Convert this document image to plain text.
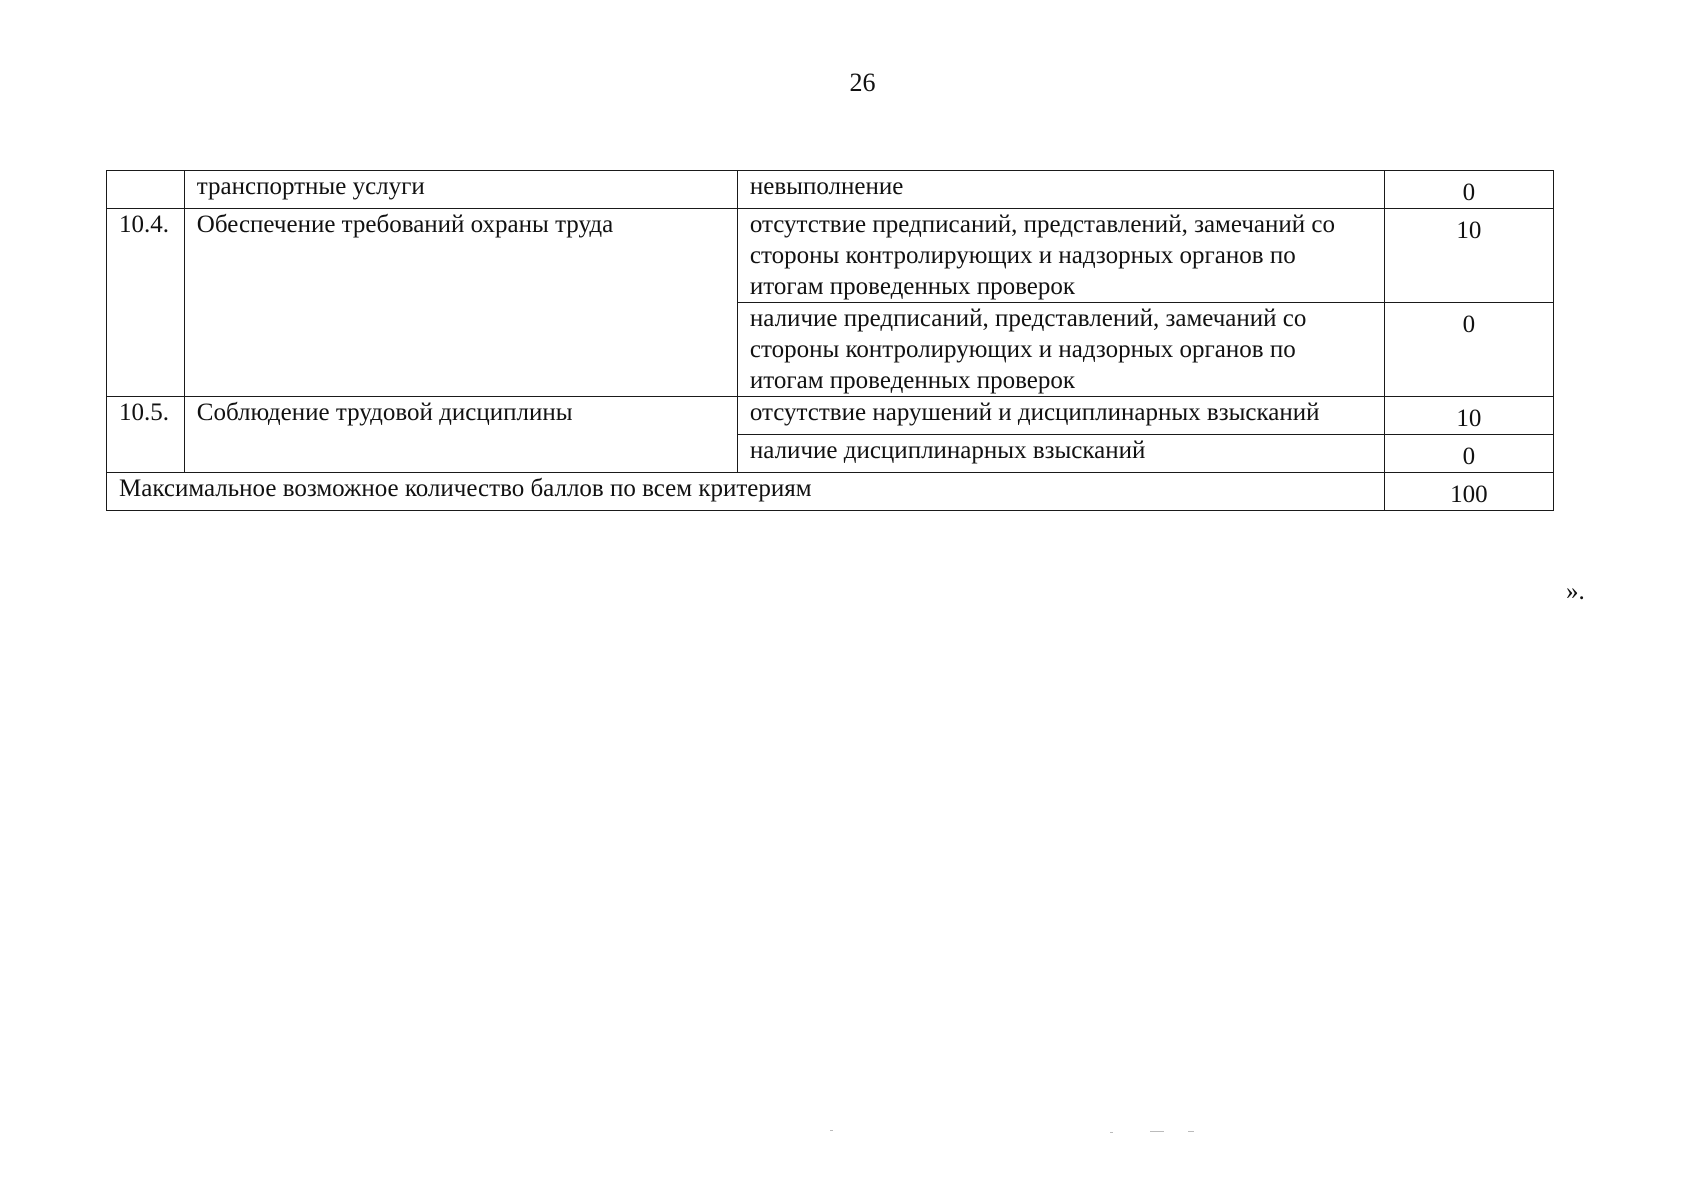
26
	транспортные услуги	невыполнение	0
10.4.	Обеспечение требований охраны труда	отсутствие предписаний, представлений, замечаний со стороны контролирующих и надзорных органов по итогам проведенных проверок	10
		наличие предписаний, представлений, замечаний со стороны контролирующих и надзорных органов по итогам проведенных проверок	0
10.5.	Соблюдение трудовой дисциплины	отсутствие нарушений и дисциплинарных взысканий	10
		наличие дисциплинарных взысканий	0
Максимальное возможное количество баллов по всем критериям			100
».
